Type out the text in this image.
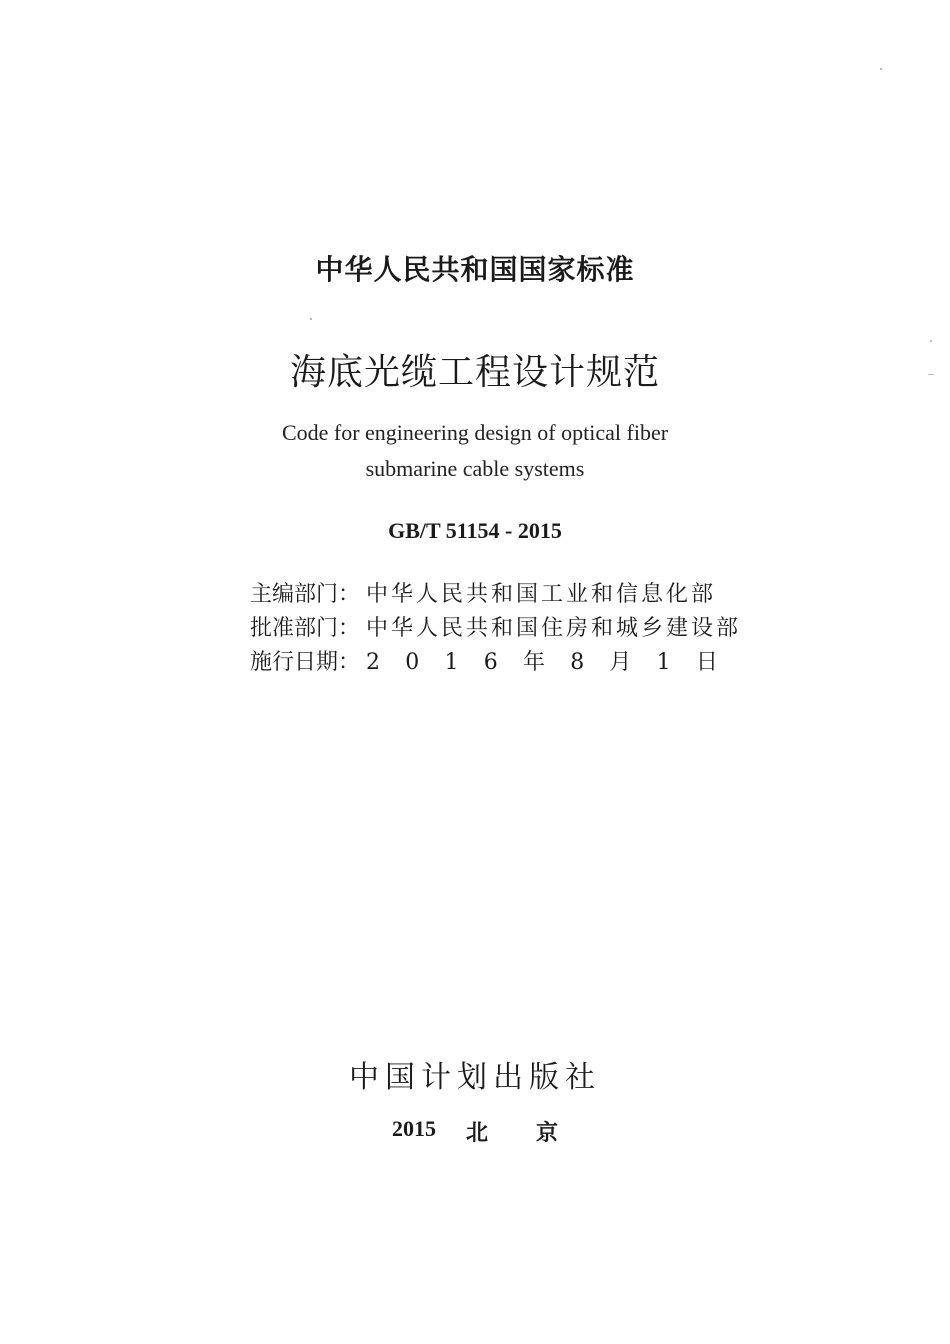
中华人民共和国国家标准
海底光缆工程设计规范
Code for engineering design of optical fiber
submarine cable systems
GB/T 51154 - 2015
主编部门： 中华人民共和国工业和信息化部
批准部门： 中华人民共和国住房和城乡建设部
施行日期： 2 0 1 6 年 8 月 1 日
中国计划出版社
2015 北 京
